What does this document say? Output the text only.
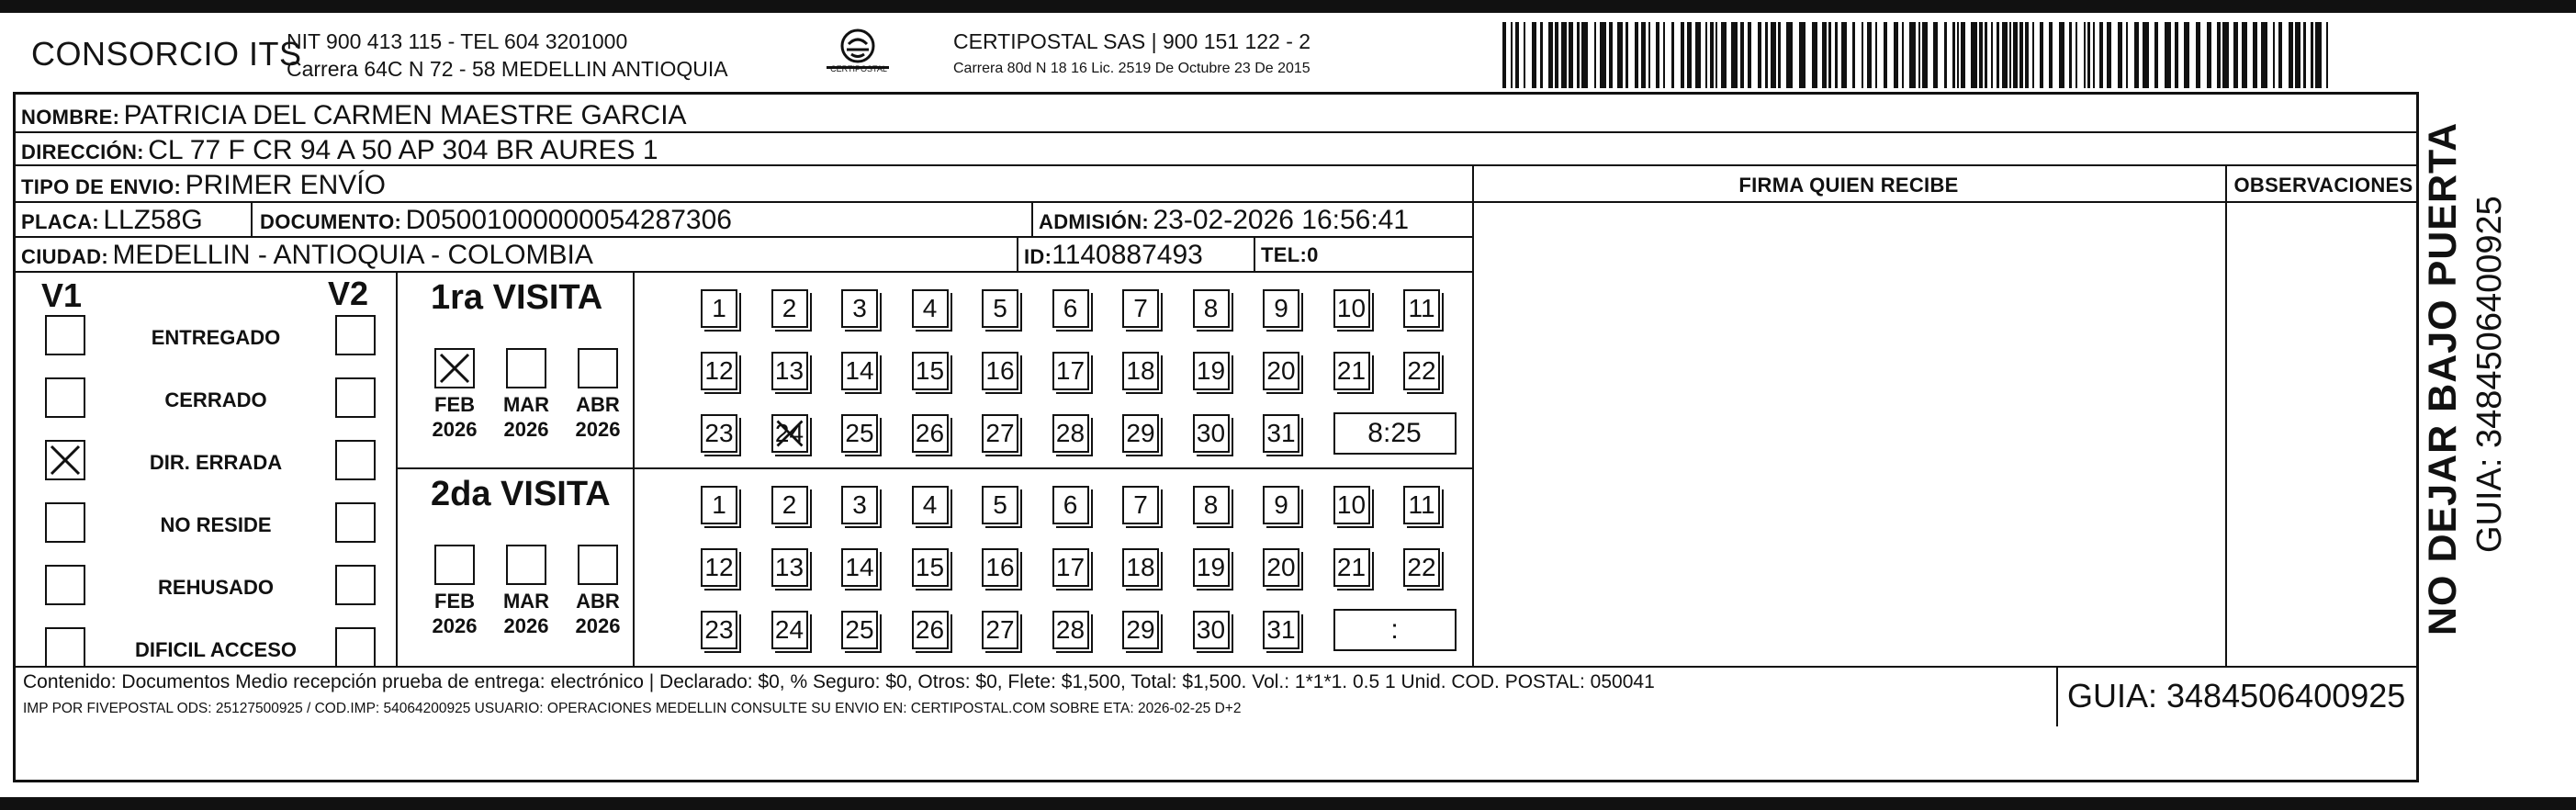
CONSORCIO ITS
NIT 900 413 115 - TEL 604 3201000
Carrera 64C N 72 - 58 MEDELLIN ANTIOQUIA	CERTIPOSTAL
CERTIPOSTAL SAS | 900 151 122 - 2
Carrera 80d N 18 16 Lic. 2519 De Octubre 23 De 2015
NOMBRE: PATRICIA DEL CARMEN MAESTRE GARCIA
DIRECCIÓN: CL 77 F CR 94 A 50 AP 304 BR AURES 1
TIPO DE ENVIO: PRIMER ENVÍO	FIRMA QUIEN RECIBE	OBSERVACIONES
PLACA: LLZ58G	DOCUMENTO: D05001000000054287306	ADMISIÓN: 23-02-2026 16:56:41
CIUDAD: MEDELLIN - ANTIOQUIA - COLOMBIA	ID:1140887493	TEL:0
V1	V2
ENTREGADO
CERRADO
DIR. ERRADA
NO RESIDE
REHUSADO
DIFICIL ACCESO
1ra VISITA
FEB
2026
MAR
2026
ABR
2026
1	2	3	4	5	6	7	8	9	10 11
12 13 14 15 16 17 18 19 20 21 22
23 24 25 26 27 28 29 30 31	8:25
2da VISITA
FEB
2026
MAR
2026
ABR
2026
1	2	3	4	5	6	7	8	9	10 11
12 13 14 15 16 17 18 19 20 21 22
23 24 25 26 27 28 29 30 31	:
Contenido: Documentos Medio recepción prueba de entrega: electrónico | Declarado: $0, % Seguro: $0, Otros: $0, Flete: $1,500, Total: $1,500. Vol.: 1*1*1. 0.5 1 Unid. COD. POSTAL: 050041
IMP POR FIVEPOSTAL ODS: 25127500925 / COD.IMP: 54064200925 USUARIO: OPERACIONES MEDELLIN CONSULTE SU ENVIO EN: CERTIPOSTAL.COM SOBRE ETA: 2026-02-25 D+2	GUIA: 3484506400925
NO DEJAR BAJO PUERTA GUIA: 3484506400925
